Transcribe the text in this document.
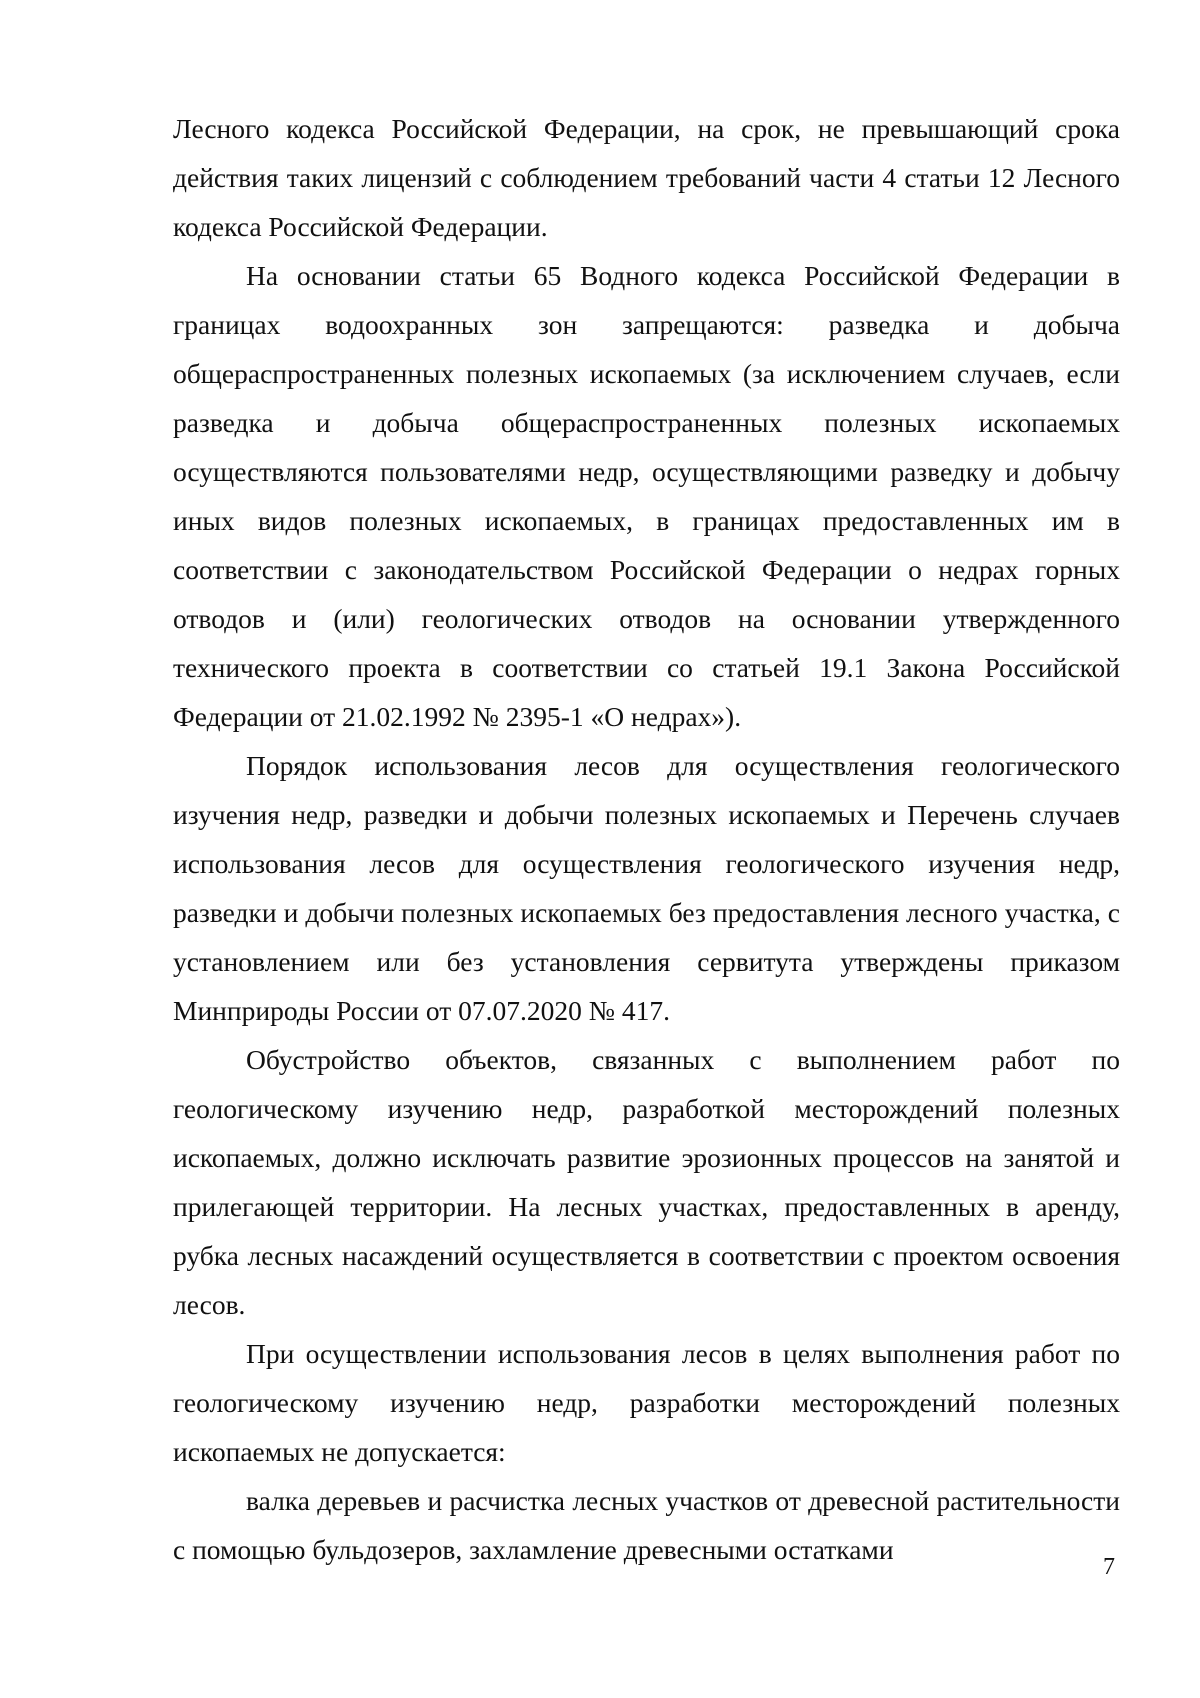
Лесного кодекса Российской Федерации, на срок, не превышающий срока действия таких лицензий с соблюдением требований части 4 статьи 12 Лесного кодекса Российской Федерации.

На основании статьи 65 Водного кодекса Российской Федерации в границах водоохранных зон запрещаются: разведка и добыча общераспространенных полезных ископаемых (за исключением случаев, если разведка и добыча общераспространенных полезных ископаемых осуществляются пользователями недр, осуществляющими разведку и добычу иных видов полезных ископаемых, в границах предоставленных им в соответствии с законодательством Российской Федерации о недрах горных отводов и (или) геологических отводов на основании утвержденного технического проекта в соответствии со статьей 19.1 Закона Российской Федерации от 21.02.1992 № 2395-1 «О недрах»).

Порядок использования лесов для осуществления геологического изучения недр, разведки и добычи полезных ископаемых и Перечень случаев использования лесов для осуществления геологического изучения недр, разведки и добычи полезных ископаемых без предоставления лесного участка, с установлением или без установления сервитута утверждены приказом Минприроды России от 07.07.2020 № 417.

Обустройство объектов, связанных с выполнением работ по геологическому изучению недр, разработкой месторождений полезных ископаемых, должно исключать развитие эрозионных процессов на занятой и прилегающей территории. На лесных участках, предоставленных в аренду, рубка лесных насаждений осуществляется в соответствии с проектом освоения лесов.

При осуществлении использования лесов в целях выполнения работ по геологическому изучению недр, разработки месторождений полезных ископаемых не допускается:

валка деревьев и расчистка лесных участков от древесной растительности с помощью бульдозеров, захламление древесными остатками

7
